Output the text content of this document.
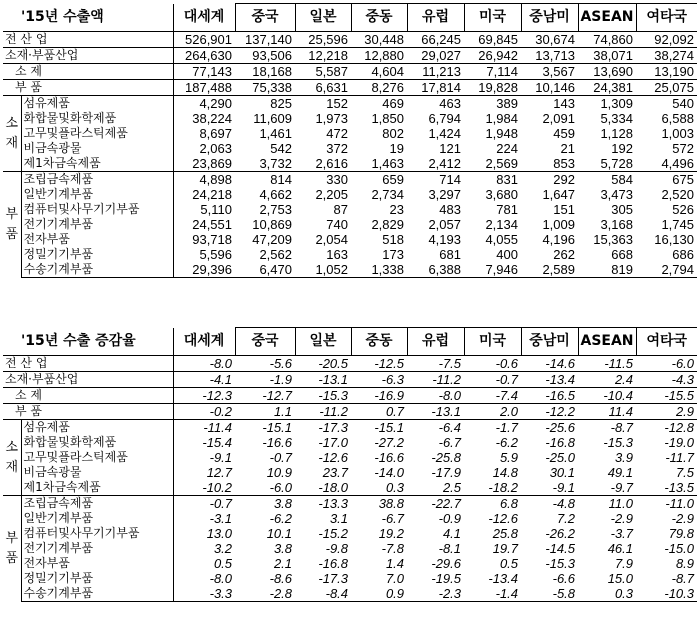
'15년 수출액		대세계	중국	일본	중동	유럽	미국	중남미	ASEAN	여타국
전 산 업		526,901	137,140	25,596	30,448	66,245	69,845	30,674	74,860	92,092
소재·부품산업		264,630	93,506	12,218	12,880	29,027	26,942	13,713	38,071	38,274
소 제		77,143	18,168	5,587	4,604	11,213	7,114	3,567	13,690	13,190
부 품		187,488	75,338	6,631	8,276	17,814	19,828	10,146	24,381	25,075
소 재	섬유제품	4,290	825	152	469	463	389	143	1,309	540
	화합물및화학제품	38,224	11,609	1,973	1,850	6,794	1,984	2,091	5,334	6,588
	고무및플라스틱제품	8,697	1,461	472	802	1,424	1,948	459	1,128	1,003
	비금속광물	2,063	542	372	19	121	224	21	192	572
	제1차금속제품	23,869	3,732	2,616	1,463	2,412	2,569	853	5,728	4,496
부 품	조립금속제품	4,898	814	330	659	714	831	292	584	675
	일반기계부품	24,218	4,662	2,205	2,734	3,297	3,680	1,647	3,473	2,520
	컴퓨터및사무기기부품	5,110	2,753	87	23	483	781	151	305	526
	전기기계부품	24,551	10,869	740	2,829	2,057	2,134	1,009	3,168	1,745
	전자부품	93,718	47,209	2,054	518	4,193	4,055	4,196	15,363	16,130
	정밀기기부품	5,596	2,562	163	173	681	400	262	668	686
	수송기계부품	29,396	6,470	1,052	1,338	6,388	7,946	2,589	819	2,794
'15년 수출 증감율		대세계	중국	일본	중동	유럽	미국	중남미	ASEAN	여타국
전 산 업		-8.0	-5.6	-20.5	-12.5	-7.5	-0.6	-14.6	-11.5	-6.0
소재·부품산업		-4.1	-1.9	-13.1	-6.3	-11.2	-0.7	-13.4	2.4	-4.3
소 제		-12.3	-12.7	-15.3	-16.9	-8.0	-7.4	-16.5	-10.4	-15.5
부 품		-0.2	1.1	-11.2	0.7	-13.1	2.0	-12.2	11.4	2.9
소 재	섬유제품	-11.4	-15.1	-17.3	-15.1	-6.4	-1.7	-25.6	-8.7	-12.8
	화합물및화학제품	-15.4	-16.6	-17.0	-27.2	-6.7	-6.2	-16.8	-15.3	-19.0
	고무및플라스틱제품	-9.1	-0.7	-12.6	-16.6	-25.8	5.9	-25.0	3.9	-11.7
	비금속광물	12.7	10.9	23.7	-14.0	-17.9	14.8	30.1	49.1	7.5
	제1차금속제품	-10.2	-6.0	-18.0	0.3	2.5	-18.2	-9.1	-9.7	-13.5
부 품	조립금속제품	-0.7	3.8	-13.3	38.8	-22.7	6.8	-4.8	11.0	-11.0
	일반기계부품	-3.1	-6.2	3.1	-6.7	-0.9	-12.6	7.2	-2.9	-2.9
	컴퓨터및사무기기부품	13.0	10.1	-15.2	19.2	4.1	25.8	-26.2	-3.7	79.8
	전기기계부품	3.2	3.8	-9.8	-7.8	-8.1	19.7	-14.5	46.1	-15.0
	전자부품	0.5	2.1	-16.8	1.4	-29.6	0.5	-15.3	7.9	8.9
	정밀기기부품	-8.0	-8.6	-17.3	7.0	-19.5	-13.4	-6.6	15.0	-8.7
	수송기계부품	-3.3	-2.8	-8.4	0.9	-2.3	-1.4	-5.8	0.3	-10.3
